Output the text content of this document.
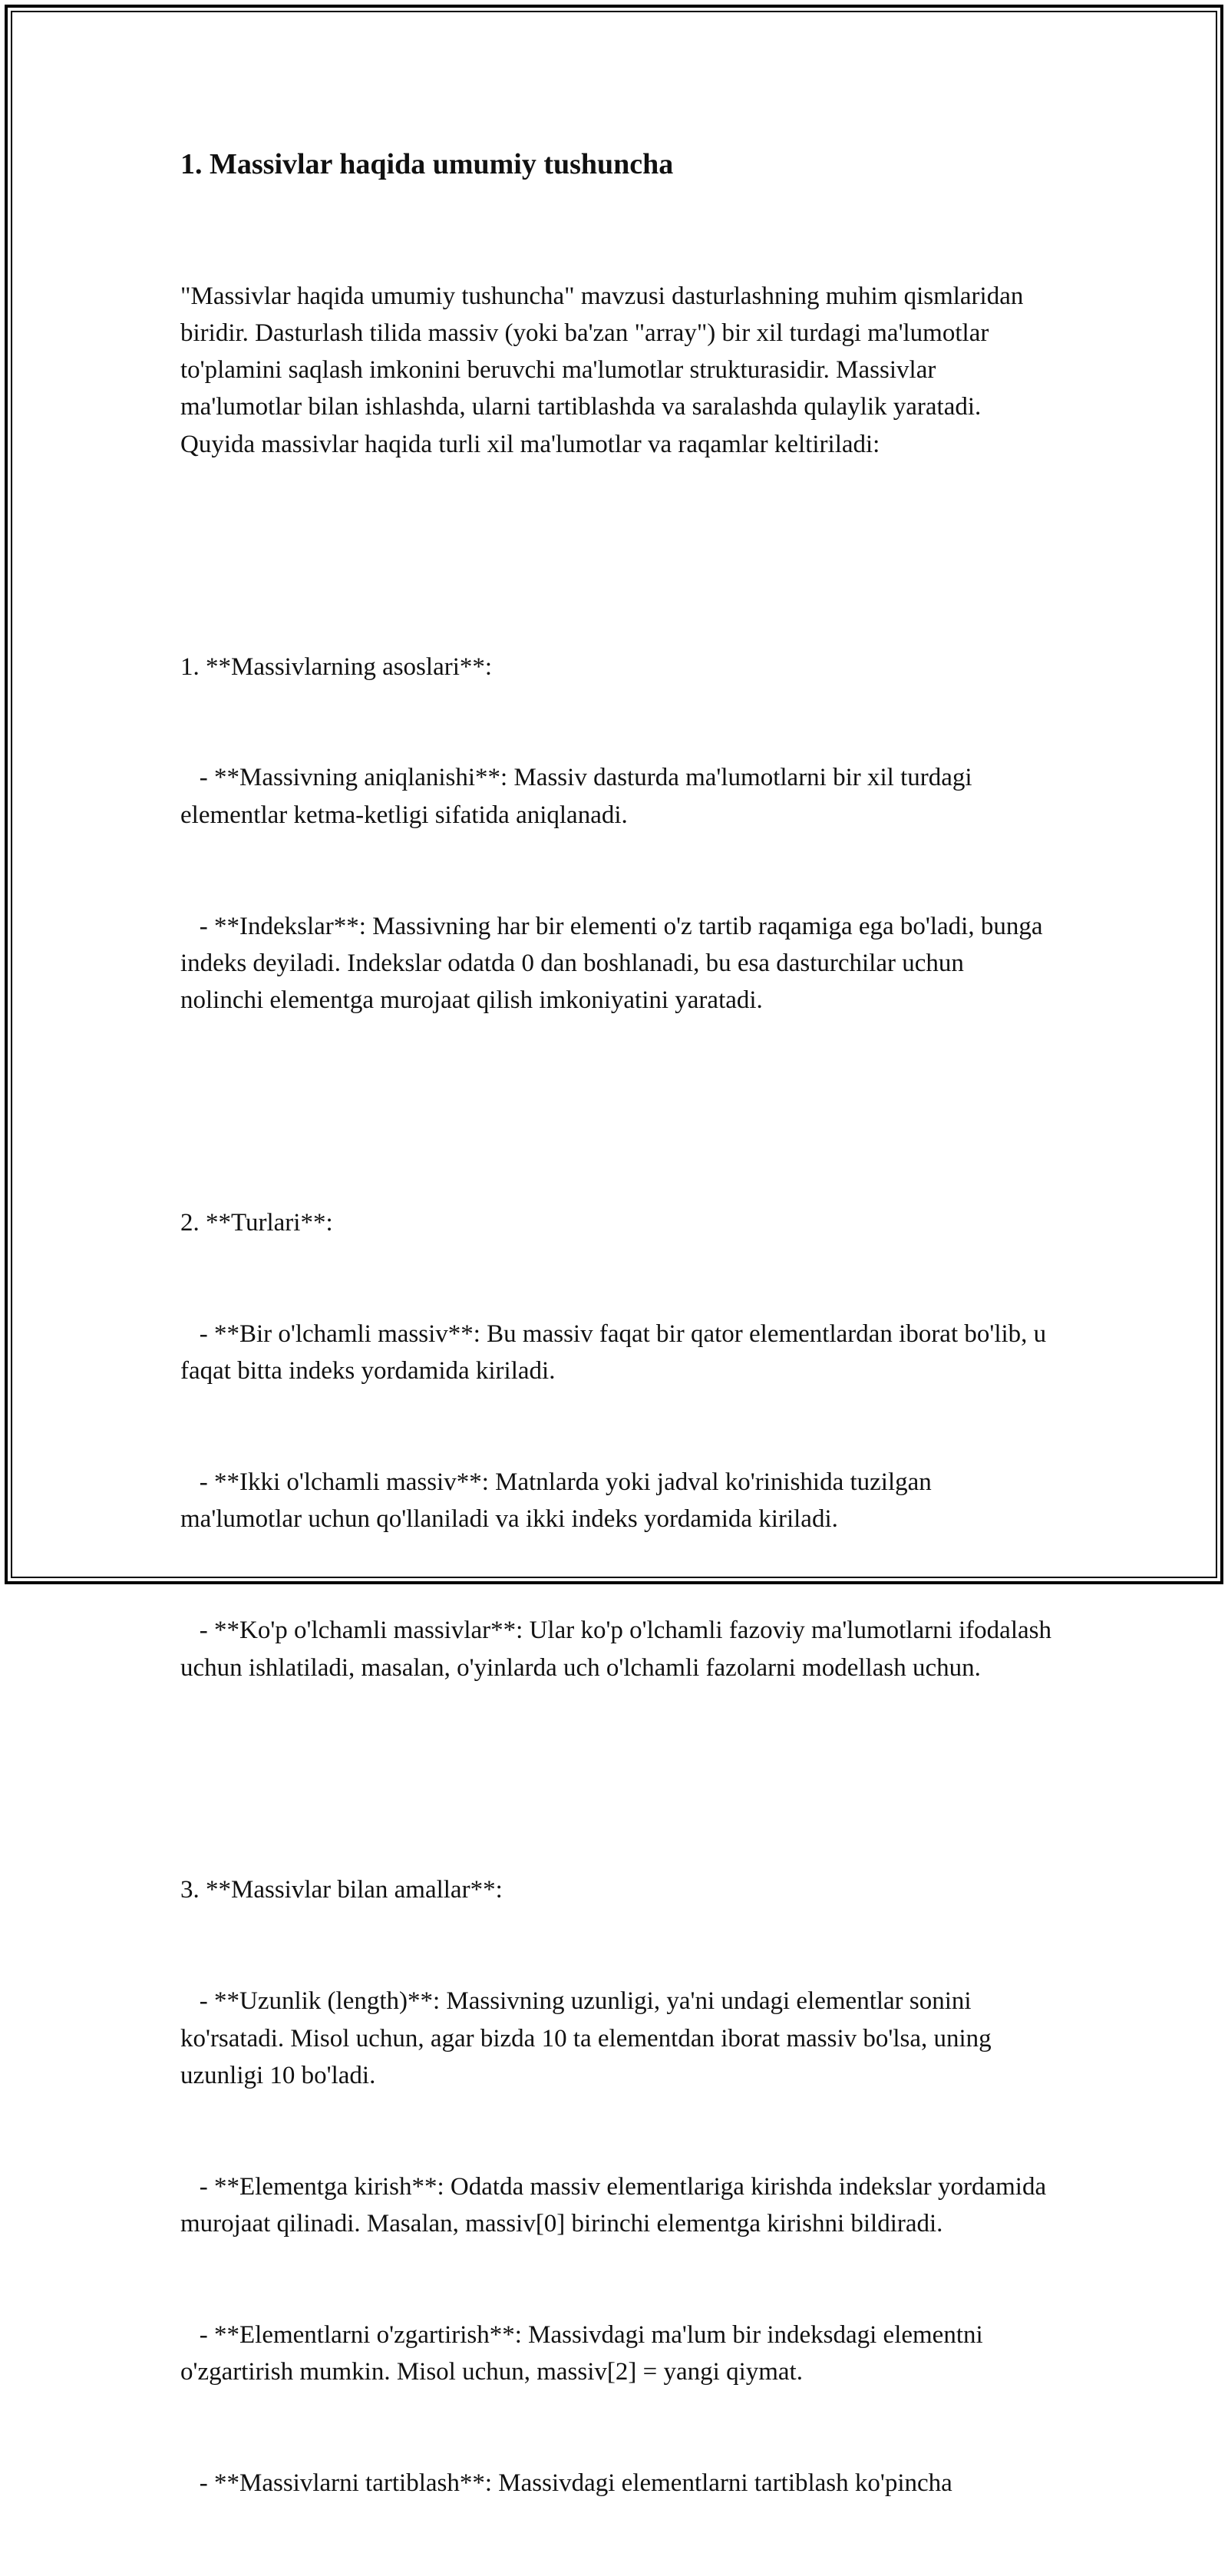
1. Massivlar haqida umumiy tushuncha

"Massivlar haqida umumiy tushuncha" mavzusi dasturlashning muhim qismlaridan biridir. Dasturlash tilida massiv (yoki ba'zan "array") bir xil turdagi ma'lumotlar to'plamini saqlash imkonini beruvchi ma'lumotlar strukturasidir. Massivlar ma'lumotlar bilan ishlashda, ularni tartiblashda va saralashda qulaylik yaratadi. Quyida massivlar haqida turli xil ma'lumotlar va raqamlar keltiriladi:

1. **Massivlarning asoslari**:

- **Massivning aniqlanishi**: Massiv dasturda ma'lumotlarni bir xil turdagi elementlar ketma-ketligi sifatida aniqlanadi.

- **Indekslar**: Massivning har bir elementi o'z tartib raqamiga ega bo'ladi, bunga indeks deyiladi. Indekslar odatda 0 dan boshlanadi, bu esa dasturchilar uchun nolinchi elementga murojaat qilish imkoniyatini yaratadi.

2. **Turlari**:

- **Bir o'lchamli massiv**: Bu massiv faqat bir qator elementlardan iborat bo'lib, u faqat bitta indeks yordamida kiriladi.

- **Ikki o'lchamli massiv**: Matnlarda yoki jadval ko'rinishida tuzilgan ma'lumotlar uchun qo'llaniladi va ikki indeks yordamida kiriladi.

- **Ko'p o'lchamli massivlar**: Ular ko'p o'lchamli fazoviy ma'lumotlarni ifodalash uchun ishlatiladi, masalan, o'yinlarda uch o'lchamli fazolarni modellash uchun.

3. **Massivlar bilan amallar**:

- **Uzunlik (length)**: Massivning uzunligi, ya'ni undagi elementlar sonini ko'rsatadi. Misol uchun, agar bizda 10 ta elementdan iborat massiv bo'lsa, uning uzunligi 10 bo'ladi.

- **Elementga kirish**: Odatda massiv elementlariga kirishda indekslar yordamida murojaat qilinadi. Masalan, massiv[0] birinchi elementga kirishni bildiradi.

- **Elementlarni o'zgartirish**: Massivdagi ma'lum bir indeksdagi elementni o'zgartirish mumkin. Misol uchun, massiv[2] = yangi qiymat.

- **Massivlarni tartiblash**: Massivdagi elementlarni tartiblash ko'pincha
